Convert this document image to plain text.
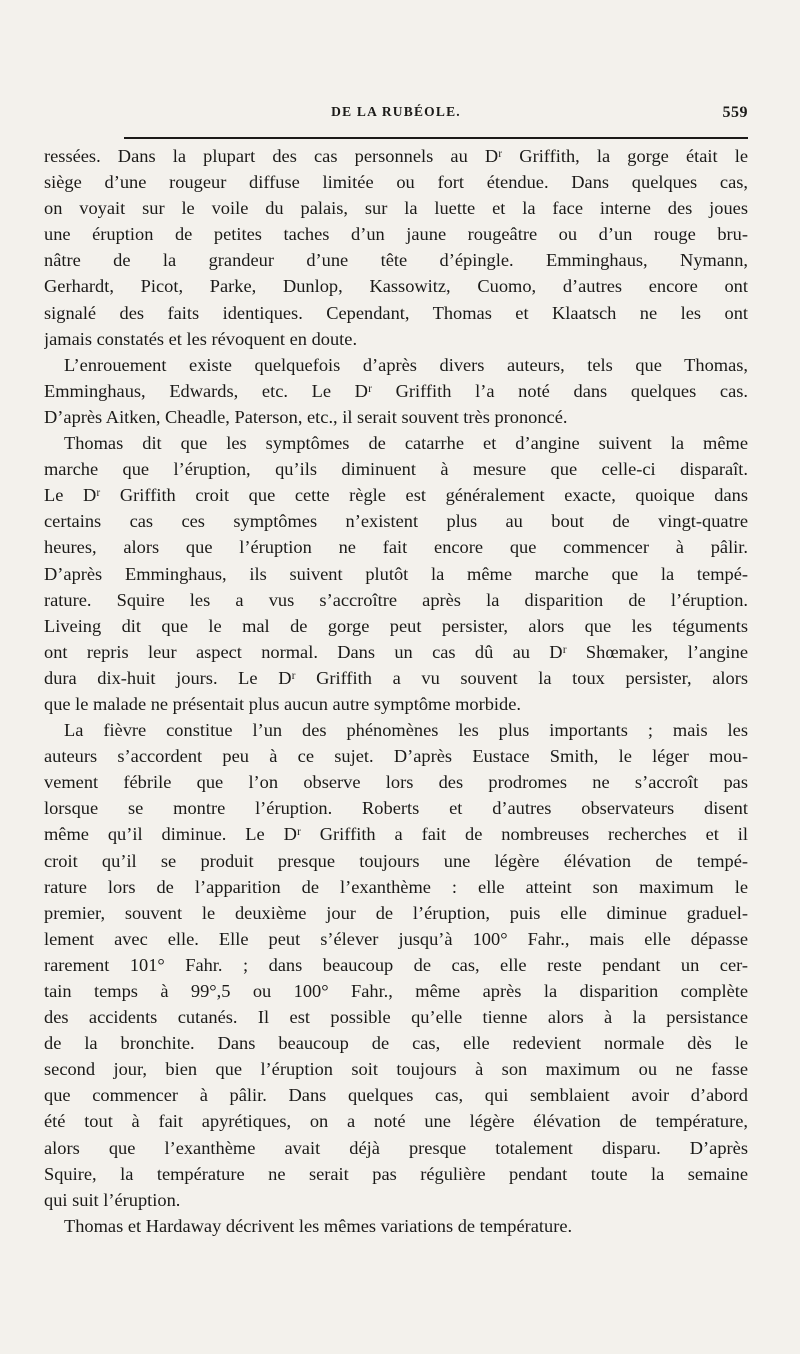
DE LA RUBÉOLE.	559
ressées. Dans la plupart des cas personnels au Dʳ Griffith, la gorge était le
siège d’une rougeur diffuse limitée ou fort étendue. Dans quelques cas,
on voyait sur le voile du palais, sur la luette et la face interne des joues
une éruption de petites taches d’un jaune rougeâtre ou d’un rouge bru-
nâtre de la grandeur d’une tête d’épingle. Emminghaus, Nymann,
Gerhardt, Picot, Parke, Dunlop, Kassowitz, Cuomo, d’autres encore ont
signalé des faits identiques. Cependant, Thomas et Klaatsch ne les ont
jamais constatés et les révoquent en doute.
L’enrouement existe quelquefois d’après divers auteurs, tels que Thomas,
Emminghaus, Edwards, etc. Le Dʳ Griffith l’a noté dans quelques cas.
D’après Aitken, Cheadle, Paterson, etc., il serait souvent très prononcé.
Thomas dit que les symptômes de catarrhe et d’angine suivent la même
marche que l’éruption, qu’ils diminuent à mesure que celle-ci disparaît.
Le Dʳ Griffith croit que cette règle est généralement exacte, quoique dans
certains cas ces symptômes n’existent plus au bout de vingt-quatre
heures, alors que l’éruption ne fait encore que commencer à pâlir.
D’après Emminghaus, ils suivent plutôt la même marche que la tempé-
rature. Squire les a vus s’accroître après la disparition de l’éruption.
Liveing dit que le mal de gorge peut persister, alors que les téguments
ont repris leur aspect normal. Dans un cas dû au Dʳ Shœmaker, l’angine
dura dix-huit jours. Le Dʳ Griffith a vu souvent la toux persister, alors
que le malade ne présentait plus aucun autre symptôme morbide.
La fièvre constitue l’un des phénomènes les plus importants ; mais les
auteurs s’accordent peu à ce sujet. D’après Eustace Smith, le léger mou-
vement fébrile que l’on observe lors des prodromes ne s’accroît pas
lorsque se montre l’éruption. Roberts et d’autres observateurs disent
même qu’il diminue. Le Dʳ Griffith a fait de nombreuses recherches et il
croit qu’il se produit presque toujours une légère élévation de tempé-
rature lors de l’apparition de l’exanthème : elle atteint son maximum le
premier, souvent le deuxième jour de l’éruption, puis elle diminue graduel-
lement avec elle. Elle peut s’élever jusqu’à 100° Fahr., mais elle dépasse
rarement 101° Fahr. ; dans beaucoup de cas, elle reste pendant un cer-
tain temps à 99°,5 ou 100° Fahr., même après la disparition complète
des accidents cutanés. Il est possible qu’elle tienne alors à la persistance
de la bronchite. Dans beaucoup de cas, elle redevient normale dès le
second jour, bien que l’éruption soit toujours à son maximum ou ne fasse
que commencer à pâlir. Dans quelques cas, qui semblaient avoir d’abord
été tout à fait apyrétiques, on a noté une légère élévation de température,
alors que l’exanthème avait déjà presque totalement disparu. D’après
Squire, la température ne serait pas régulière pendant toute la semaine
qui suit l’éruption.
Thomas et Hardaway décrivent les mêmes variations de température.
